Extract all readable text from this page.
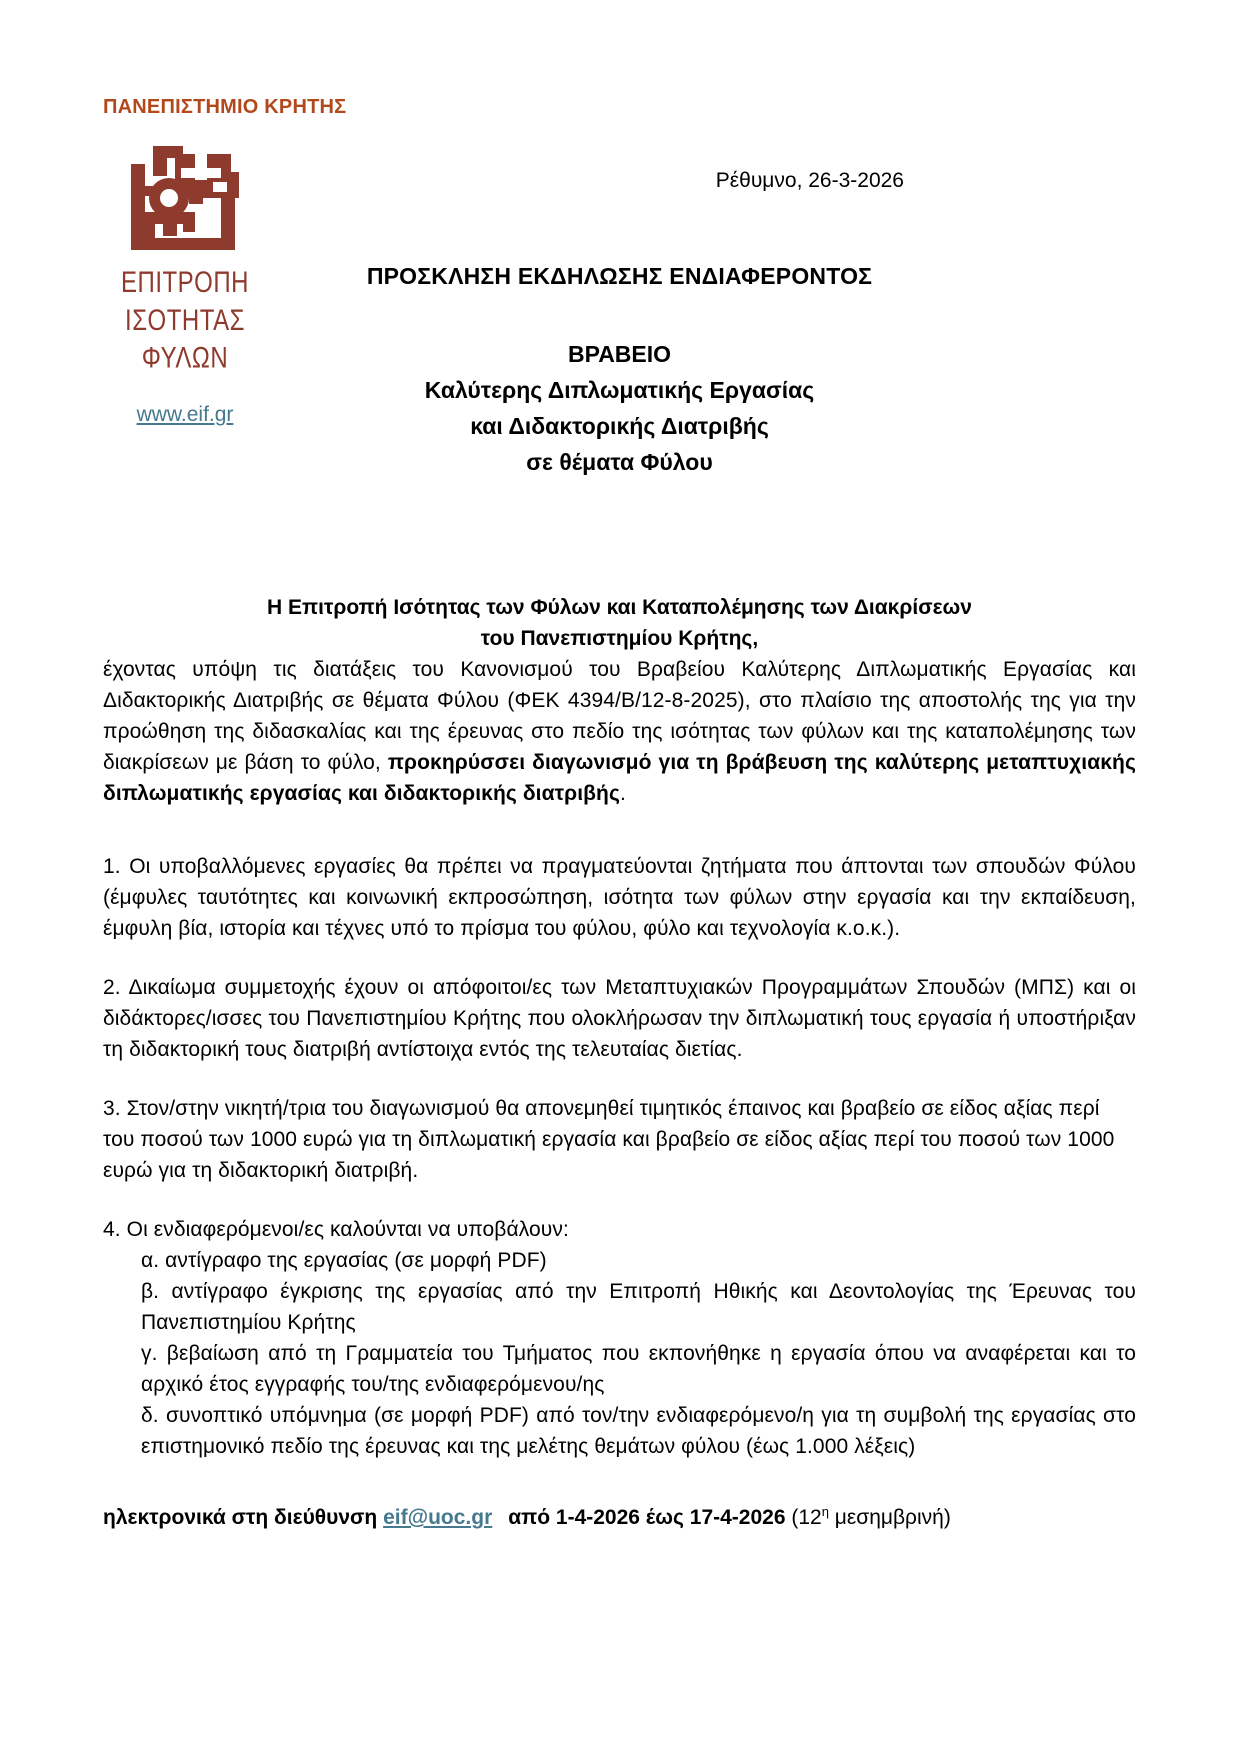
ΠΑΝΕΠΙΣΤΗΜΙΟ ΚΡΗΤΗΣ
ΕΠΙΤΡΟΠΗ
ΙΣΟΤΗΤΑΣ
ΦΥΛΩΝ
www.eif.gr
Ρέθυμνο, 26-3-2026
ΠΡΟΣΚΛΗΣΗ ΕΚΔΗΛΩΣΗΣ ΕΝΔΙΑΦΕΡΟΝΤΟΣ
ΒΡΑΒΕΙΟ
Καλύτερης Διπλωματικής Εργασίας
και Διδακτορικής Διατριβής
σε θέματα Φύλου
Η Επιτροπή Ισότητας των Φύλων και Καταπολέμησης των Διακρίσεων
του Πανεπιστημίου Κρήτης,
έχοντας υπόψη τις διατάξεις του Κανονισμού του Βραβείου Καλύτερης Διπλωματικής Εργασίας και Διδακτορικής Διατριβής σε θέματα Φύλου (ΦΕΚ 4394/Β/12-8-2025), στο πλαίσιο της αποστολής της για την προώθηση της διδασκαλίας και της έρευνας στο πεδίο της ισότητας των φύλων και της καταπολέμησης των διακρίσεων με βάση το φύλο, προκηρύσσει διαγωνισμό για τη βράβευση της καλύτερης μεταπτυχιακής διπλωματικής εργασίας και διδακτορικής διατριβής.
1. Οι υποβαλλόμενες εργασίες θα πρέπει να πραγματεύονται ζητήματα που άπτονται των σπουδών Φύλου (έμφυλες ταυτότητες και κοινωνική εκπροσώπηση, ισότητα των φύλων στην εργασία και την εκπαίδευση, έμφυλη βία, ιστορία και τέχνες υπό το πρίσμα του φύλου, φύλο και τεχνολογία κ.ο.κ.).
2. Δικαίωμα συμμετοχής έχουν οι απόφοιτοι/ες των Μεταπτυχιακών Προγραμμάτων Σπουδών (ΜΠΣ) και οι διδάκτορες/ισσες του Πανεπιστημίου Κρήτης που ολοκλήρωσαν την διπλωματική τους εργασία ή υποστήριξαν τη διδακτορική τους διατριβή αντίστοιχα εντός της τελευταίας διετίας.
3. Στον/στην νικητή/τρια του διαγωνισμού θα απονεμηθεί τιμητικός έπαινος και βραβείο σε είδος αξίας περί του ποσού των 1000 ευρώ για τη διπλωματική εργασία και βραβείο σε είδος αξίας περί του ποσού των 1000 ευρώ για τη διδακτορική διατριβή.
4. Οι ενδιαφερόμενοι/ες καλούνται να υποβάλουν:
α. αντίγραφο της εργασίας (σε μορφή PDF)
β. αντίγραφο έγκρισης της εργασίας από την Επιτροπή Ηθικής και Δεοντολογίας της Έρευνας του Πανεπιστημίου Κρήτης
γ. βεβαίωση από τη Γραμματεία του Τμήματος που εκπονήθηκε η εργασία όπου να αναφέρεται και το αρχικό έτος εγγραφής του/της ενδιαφερόμενου/ης
δ. συνοπτικό υπόμνημα (σε μορφή PDF) από τον/την ενδιαφερόμενο/η για τη συμβολή της εργασίας στο επιστημονικό πεδίο της έρευνας και της μελέτης θεμάτων φύλου (έως 1.000 λέξεις)
ηλεκτρονικά στη διεύθυνση eif@uoc.gr από 1-4-2026 έως 17-4-2026 ($12^\eta$ μεσημβρινή)
